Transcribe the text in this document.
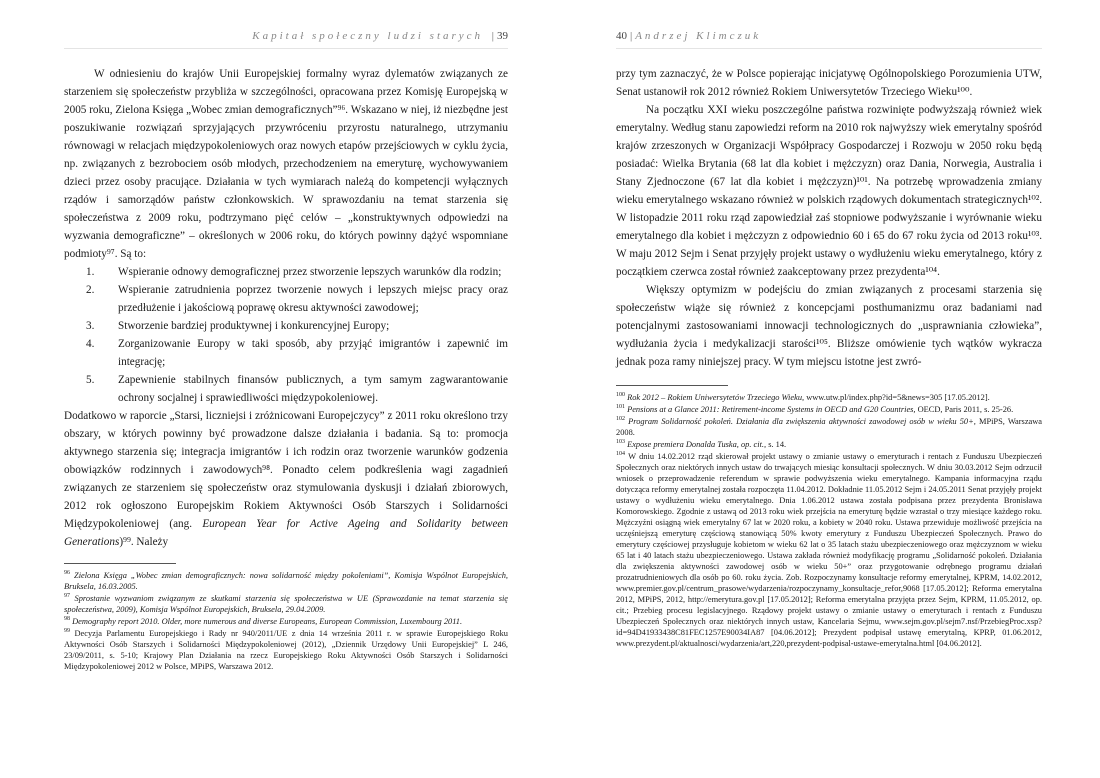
Kapitał społeczny ludzi starych | 39

W odniesieniu do krajów Unii Europejskiej formalny wyraz dylematów związanych ze starzeniem się społeczeństw przybliża w szczególności, opracowana przez Komisję Europejską w 2005 roku, Zielona Księga „Wobec zmian demograficznych”⁹⁶. Wskazano w niej, iż niezbędne jest poszukiwanie rozwiązań sprzyjających przywróceniu przyrostu naturalnego, utrzymaniu równowagi w relacjach międzypokoleniowych oraz nowych etapów przejściowych w cyklu życia, np. związanych z bezrobociem osób młodych, przechodzeniem na emeryturę, wychowywaniem dzieci przez osoby pracujące. Działania w tych wymiarach należą do kompetencji wyłącznych rządów i samorządów państw członkowskich. W sprawozdaniu na temat starzenia się społeczeństwa z 2009 roku, podtrzymano pięć celów – „konstruktywnych odpowiedzi na wyzwania demograficzne” – określonych w 2006 roku, do których powinny dążyć wspomniane podmioty⁹⁷. Są to:

1. Wspieranie odnowy demograficznej przez stworzenie lepszych warunków dla rodzin;
2. Wspieranie zatrudnienia poprzez tworzenie nowych i lepszych miejsc pracy oraz przedłużenie i jakościową poprawę okresu aktywności zawodowej;
3. Stworzenie bardziej produktywnej i konkurencyjnej Europy;
4. Zorganizowanie Europy w taki sposób, aby przyjąć imigrantów i zapewnić im integrację;
5. Zapewnienie stabilnych finansów publicznych, a tym samym zagwarantowanie ochrony socjalnej i sprawiedliwości międzypokoleniowej.

Dodatkowo w raporcie „Starsi, liczniejsi i zróżnicowani Europejczycy” z 2011 roku określono trzy obszary, w których powinny być prowadzone dalsze działania i badania. Są to: promocja aktywnego starzenia się; integracja imigrantów i ich rodzin oraz tworzenie warunków godzenia obowiązków rodzinnych i zawodowych⁹⁸. Ponadto celem podkreślenia wagi zagadnień związanych ze starzeniem się społeczeństw oraz stymulowania dyskusji i działań zbiorowych, 2012 rok ogłoszono Europejskim Rokiem Aktywności Osób Starszych i Solidarności Międzypokoleniowej (ang. European Year for Active Ageing and Solidarity between Generations)⁹⁹. Należy

$^{96}$ Zielona Księga „Wobec zmian demograficznych: nowa solidarność między pokoleniami”, Komisja Wspólnot Europejskich, Bruksela, 16.03.2005.
$^{97}$ Sprostanie wyzwaniom związanym ze skutkami starzenia się społeczeństwa w UE (Sprawozdanie na temat starzenia się społeczeństwa, 2009), Komisja Wspólnot Europejskich, Bruksela, 29.04.2009.
$^{98}$ Demography report 2010. Older, more numerous and diverse Europeans, European Commission, Luxembourg 2011.
$^{99}$ Decyzja Parlamentu Europejskiego i Rady nr 940/2011/UE z dnia 14 września 2011 r. w sprawie Europejskiego Roku Aktywności Osób Starszych i Solidarności Międzypokoleniowej (2012), „Dziennik Urzędowy Unii Europejskiej” L 246, 23/09/2011, s. 5-10; Krajowy Plan Działania na rzecz Europejskiego Roku Aktywności Osób Starszych i Solidarności Międzypokoleniowej 2012 w Polsce, MPiPS, Warszawa 2012.
40 | Andrzej Klimczuk

przy tym zaznaczyć, że w Polsce popierając inicjatywę Ogólnopolskiego Porozumienia UTW, Senat ustanowił rok 2012 również Rokiem Uniwersytetów Trzeciego Wieku¹⁰⁰.

Na początku XXI wieku poszczególne państwa rozwinięte podwyższają również wiek emerytalny. Według stanu zapowiedzi reform na 2010 rok najwyższy wiek emerytalny spośród krajów zrzeszonych w Organizacji Współpracy Gospodarczej i Rozwoju w 2050 roku będą posiadać: Wielka Brytania (68 lat dla kobiet i mężczyzn) oraz Dania, Norwegia, Australia i Stany Zjednoczone (67 lat dla kobiet i mężczyzn)¹⁰¹. Na potrzebę wprowadzenia zmiany wieku emerytalnego wskazano również w polskich rządowych dokumentach strategicznych¹⁰². W listopadzie 2011 roku rząd zapowiedział zaś stopniowe podwyższanie i wyrównanie wieku emerytalnego dla kobiet i mężczyzn z odpowiednio 60 i 65 do 67 roku życia od 2013 roku¹⁰³. W maju 2012 Sejm i Senat przyjęły projekt ustawy o wydłużeniu wieku emerytalnego, który z początkiem czerwca został również zaakceptowany przez prezydenta¹⁰⁴.

Większy optymizm w podejściu do zmian związanych z procesami starzenia się społeczeństw wiąże się również z koncepcjami posthumanizmu oraz badaniami nad potencjalnymi zastosowaniami innowacji technologicznych do „usprawniania człowieka”, wydłużania życia i medykalizacji starości¹⁰⁵. Bliższe omówienie tych wątków wykracza jednak poza ramy niniejszej pracy. W tym miejscu istotne jest zwró-

$^{100}$ Rok 2012 – Rokiem Uniwersytetów Trzeciego Wieku, www.utw.pl/index.php?id=5&news=305 [17.05.2012].
$^{101}$ Pensions at a Glance 2011: Retirement-income Systems in OECD and G20 Countries, OECD, Paris 2011, s. 25-26.
$^{102}$ Program Solidarność pokoleń. Działania dla zwiększenia aktywności zawodowej osób w wieku 50+, MPiPS, Warszawa 2008.
$^{103}$ Expose premiera Donalda Tuska, op. cit., s. 14.
$^{104}$ W dniu 14.02.2012 rząd skierował projekt ustawy o zmianie ustawy o emeryturach i rentach z Funduszu Ubezpieczeń Społecznych oraz niektórych innych ustaw do trwających miesiąc konsultacji społecznych. W dniu 30.03.2012 Sejm odrzucił wniosek o przeprowadzenie referendum w sprawie podwyższenia wieku emerytalnego. Kampania informacyjna rządu dotycząca reformy emerytalnej została rozpoczęta 11.04.2012. Dokładnie 11.05.2012 Sejm i 24.05.2011 Senat przyjęły projekt ustawy o wydłużeniu wieku emerytalnego. Dnia 1.06.2012 ustawa została podpisana przez prezydenta Bronisława Komorowskiego. Zgodnie z ustawą od 2013 roku wiek przejścia na emeryturę będzie wzrastał o trzy miesiące każdego roku. Mężczyźni osiągną wiek emerytalny 67 lat w 2020 roku, a kobiety w 2040 roku. Ustawa przewiduje możliwość przejścia na uczęśniejszą emeryturę częściową stanowiącą 50% kwoty emerytury z Funduszu Ubezpieczeń Społecznych. Prawo do emerytury częściowej przysługuje kobietom w wieku 62 lat o 35 latach stażu ubezpieczeniowego oraz mężczyznom w wieku 65 lat i 40 latach stażu ubezpieczeniowego. Ustawa zakłada również modyfikację programu „Solidarność pokoleń. Działania dla zwiększenia aktywności zawodowej osób w wieku 50+” oraz przygotowanie odrębnego programu działań prozatrudnieniowych dla osób po 60. roku życia. Zob. Rozpoczynamy konsultacje reformy emerytalnej, KPRM, 14.02.2012, www.premier.gov.pl/centrum_prasowe/wydarzenia/rozpoczynamy_konsultacje_refor,9068 [17.05.2012]; Reforma emerytalna 2012, MPiPS, 2012, http://emerytura.gov.pl [17.05.2012]; Reforma emerytalna przyjęta przez Sejm, KPRM, 11.05.2012, op. cit.; Przebieg procesu legislacyjnego. Rządowy projekt ustawy o zmianie ustawy o emeryturach i rentach z Funduszu Ubezpieczeń Społecznych oraz niektórych innych ustaw, Kancelaria Sejmu, www.sejm.gov.pl/sejm7.nsf/PrzebiegProc.xsp?id=94D41933438C81FEC1257E90034IA87 [04.06.2012]; Prezydent podpisał ustawę emerytalną, KPRP, 01.06.2012, www.prezydent.pl/aktualnosci/wydarzenia/art,220,prezydent-podpisal-ustawe-emerytalna.html [04.06.2012].
